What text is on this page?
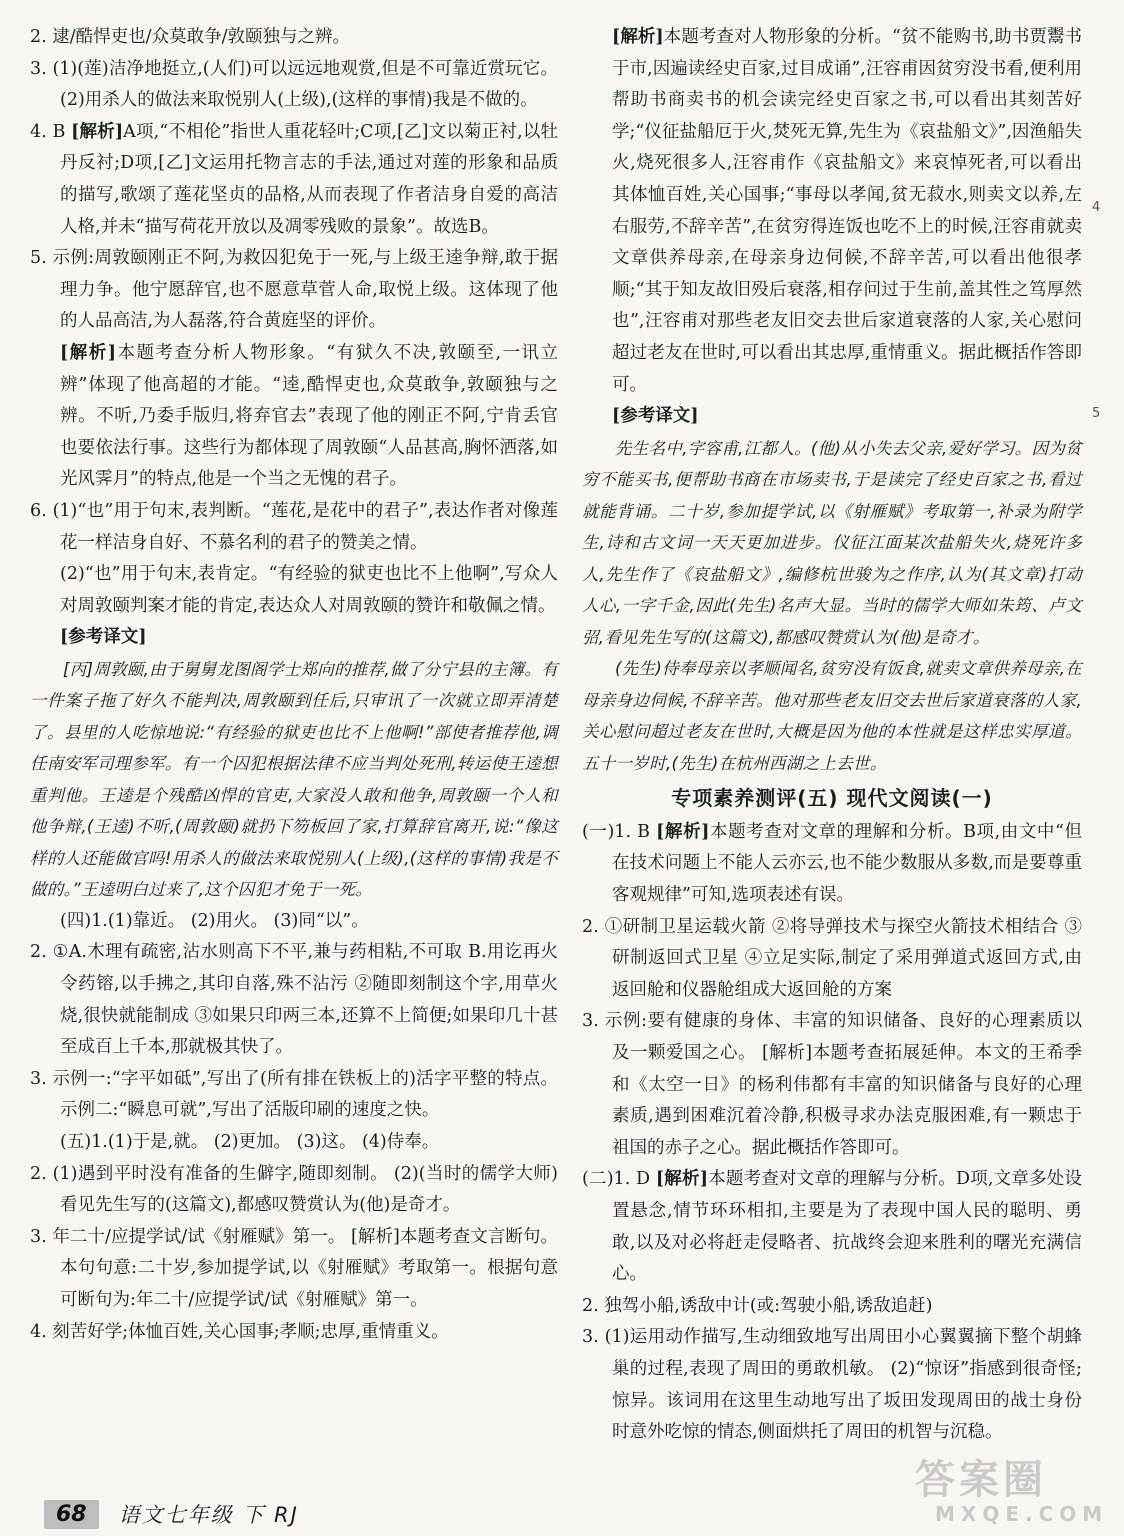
2. 逮/酷悍吏也/众莫敢争/敦颐独与之辨。

3. (1)(莲)洁净地挺立,(人们)可以远远地观赏,但是不可靠近赏玩它。 (2)用杀人的做法来取悦别人(上级),(这样的事情)我是不做的。

4. B [解析]A项,“不相伦”指世人重花轻叶;C项,[乙]文以菊正衬,以牡丹反衬;D项,[乙]文运用托物言志的手法,通过对莲的形象和品质的描写,歌颂了莲花坚贞的品格,从而表现了作者洁身自爱的高洁人格,并未“描写荷花开放以及凋零残败的景象”。故选B。

5. 示例:周敦颐刚正不阿,为救囚犯免于一死,与上级王逵争辩,敢于据理力争。他宁愿辞官,也不愿意草菅人命,取悦上级。这体现了他的人品高洁,为人磊落,符合黄庭坚的评价。

[解析]本题考查分析人物形象。“有狱久不决,敦颐至,一讯立辨”体现了他高超的才能。“逵,酷悍吏也,众莫敢争,敦颐独与之辨。不听,乃委手版归,将弃官去”表现了他的刚正不阿,宁肯丢官也要依法行事。这些行为都体现了周敦颐“人品甚高,胸怀洒落,如光风霁月”的特点,他是一个当之无愧的君子。

6. (1)“也”用于句末,表判断。“莲花,是花中的君子”,表达作者对像莲花一样洁身自好、不慕名利的君子的赞美之情。

(2)“也”用于句末,表肯定。“有经验的狱吏也比不上他啊”,写众人对周敦颐判案才能的肯定,表达众人对周敦颐的赞许和敬佩之情。

[参考译文]

[丙]周敦颐,由于舅舅龙图阁学士郑向的推荐,做了分宁县的主簿。有一件案子拖了好久不能判决,周敦颐到任后,只审讯了一次就立即弄清楚了。县里的人吃惊地说:“有经验的狱吏也比不上他啊!”部使者推荐他,调任南安军司理参军。有一个囚犯根据法律不应当判处死刑,转运使王逵想重判他。王逵是个残酷凶悍的官吏,大家没人敢和他争,周敦颐一个人和他争辩,(王逵)不听,(周敦颐)就扔下笏板回了家,打算辞官离开,说:“像这样的人还能做官吗!用杀人的做法来取悦别人(上级),(这样的事情)我是不做的。”王逵明白过来了,这个囚犯才免于一死。

(四)1.(1)靠近。 (2)用火。 (3)同“以”。

2. ①A.木理有疏密,沾水则高下不平,兼与药相粘,不可取 B.用讫再火令药镕,以手拂之,其印自落,殊不沾污 ②随即刻制这个字,用草火烧,很快就能制成 ③如果只印两三本,还算不上简便;如果印几十甚至成百上千本,那就极其快了。

3. 示例一:“字平如砥”,写出了(所有排在铁板上的)活字平整的特点。 示例二:“瞬息可就”,写出了活版印刷的速度之快。

(五)1.(1)于是,就。 (2)更加。 (3)这。 (4)侍奉。

2. (1)遇到平时没有准备的生僻字,随即刻制。 (2)(当时的儒学大师)看见先生写的(这篇文),都感叹赞赏认为(他)是奇才。

3. 年二十/应提学试/试《射雁赋》第一。 [解析]本题考查文言断句。本句句意:二十岁,参加提学试,以《射雁赋》考取第一。根据句意可断句为:年二十/应提学试/试《射雁赋》第一。

4. 刻苦好学;体恤百姓,关心国事;孝顺;忠厚,重情重义。

[解析]本题考查对人物形象的分析。“贫不能购书,助书贾鬻书于市,因遍读经史百家,过目成诵”,汪容甫因贫穷没书看,便利用帮助书商卖书的机会读完经史百家之书,可以看出其刻苦好学;“仪征盐船厄于火,焚死无算,先生为《哀盐船文》”,因渔船失火,烧死很多人,汪容甫作《哀盐船文》来哀悼死者,可以看出其体恤百姓,关心国事;“事母以孝闻,贫无菽水,则卖文以养,左右服劳,不辞辛苦”,在贫穷得连饭也吃不上的时候,汪容甫就卖文章供养母亲,在母亲身边伺候,不辞辛苦,可以看出他很孝顺;“其于知友故旧殁后衰落,相存问过于生前,盖其性之笃厚然也”,汪容甫对那些老友旧交去世后家道衰落的人家,关心慰问超过老友在世时,可以看出其忠厚,重情重义。据此概括作答即可。

[参考译文]

先生名中,字容甫,江都人。(他)从小失去父亲,爱好学习。因为贫穷不能买书,便帮助书商在市场卖书,于是读完了经史百家之书,看过就能背诵。二十岁,参加提学试,以《射雁赋》考取第一,补录为附学生,诗和古文词一天天更加进步。仪征江面某次盐船失火,烧死许多人,先生作了《哀盐船文》,编修杭世骏为之作序,认为(其文章)打动人心,一字千金,因此(先生)名声大显。当时的儒学大师如朱筠、卢文弨,看见先生写的(这篇文),都感叹赞赏认为(他)是奇才。

(先生)侍奉母亲以孝顺闻名,贫穷没有饭食,就卖文章供养母亲,在母亲身边伺候,不辞辛苦。他对那些老友旧交去世后家道衰落的人家,关心慰问超过老友在世时,大概是因为他的本性就是这样忠实厚道。五十一岁时,(先生)在杭州西湖之上去世。

专项素养测评(五) 现代文阅读(一)

(一)1. B [解析]本题考查对文章的理解和分析。B项,由文中“但在技术问题上不能人云亦云,也不能少数服从多数,而是要尊重客观规律”可知,选项表述有误。

2. ①研制卫星运载火箭 ②将导弹技术与探空火箭技术相结合 ③研制返回式卫星 ④立足实际,制定了采用弹道式返回方式,由返回舱和仪器舱组成大返回舱的方案

3. 示例:要有健康的身体、丰富的知识储备、良好的心理素质以及一颗爱国之心。 [解析]本题考查拓展延伸。本文的王希季和《太空一日》的杨利伟都有丰富的知识储备与良好的心理素质,遇到困难沉着冷静,积极寻求办法克服困难,有一颗忠于祖国的赤子之心。据此概括作答即可。

(二)1. D [解析]本题考查对文章的理解与分析。D项,文章多处设置悬念,情节环环相扣,主要是为了表现中国人民的聪明、勇敢,以及对必将赶走侵略者、抗战终会迎来胜利的曙光充满信心。

2. 独驾小船,诱敌中计(或:驾驶小船,诱敌追赶)

3. (1)运用动作描写,生动细致地写出周田小心翼翼摘下整个胡蜂巢的过程,表现了周田的勇敢机敏。 (2)“惊讶”指感到很奇怪;惊异。该词用在这里生动地写出了坂田发现周田的战士身份时意外吃惊的情态,侧面烘托了周田的机智与沉稳。

4
5
68	语文七年级 下 RJ
答案圈
MXQE.COM
